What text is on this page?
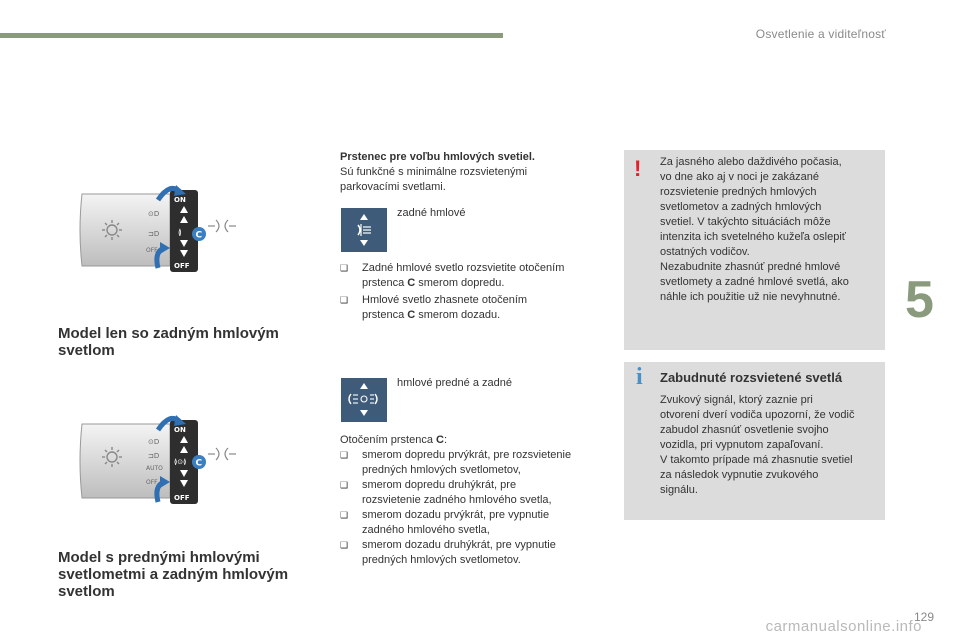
Osvetlenie a viditeľnosť
5
⊙D
⊐D
OFF
ON
≬
OFF
C
Model len so zadným hmlovým svetlom
⊙D
⊐D
AUTO
OFF
ON
≬⊙≬
OFF
C
Model s prednými hmlovými svetlometmi a zadným hmlovým svetlom
Prstenec pre voľbu hmlových svetiel.
Sú funkčné s minimálne rozsvietenými
parkovacími svetlami.
zadné hmlové
❑	Zadné hmlové svetlo rozsvietite otočením
prstenca C smerom dopredu.
❑	Hmlové svetlo zhasnete otočením
prstenca C smerom dozadu.
hmlové predné a zadné
Otočením prstenca C:
❑	smerom dopredu prvýkrát, pre rozsvietenie
predných hmlových svetlometov,
❑	smerom dopredu druhýkrát, pre
rozsvietenie zadného hmlového svetla,
❑	smerom dozadu prvýkrát, pre vypnutie
zadného hmlového svetla,
❑	smerom dozadu druhýkrát, pre vypnutie
predných hmlových svetlometov.
! Za jasného alebo daždivého počasia,
vo dne ako aj v noci je zakázané
rozsvietenie predných hmlových
svetlometov a zadných hmlových
svetiel. V takýchto situáciách môže
intenzita ich svetelného kužeľa oslepiť
ostatných vodičov.
Nezabudnite zhasnúť predné hmlové
svetlomety a zadné hmlové svetlá, ako
náhle ich použitie už nie nevyhnutné.
i Zabudnuté rozsvietené svetlá
Zvukový signál, ktorý zaznie pri
otvorení dverí vodiča upozorní, že vodič
zabudol zhasnúť osvetlenie svojho
vozidla, pri vypnutom zapaľovaní.
V takomto prípade má zhasnutie svetiel
za následok vypnutie zvukového
signálu.
129
carmanualsonline.info
